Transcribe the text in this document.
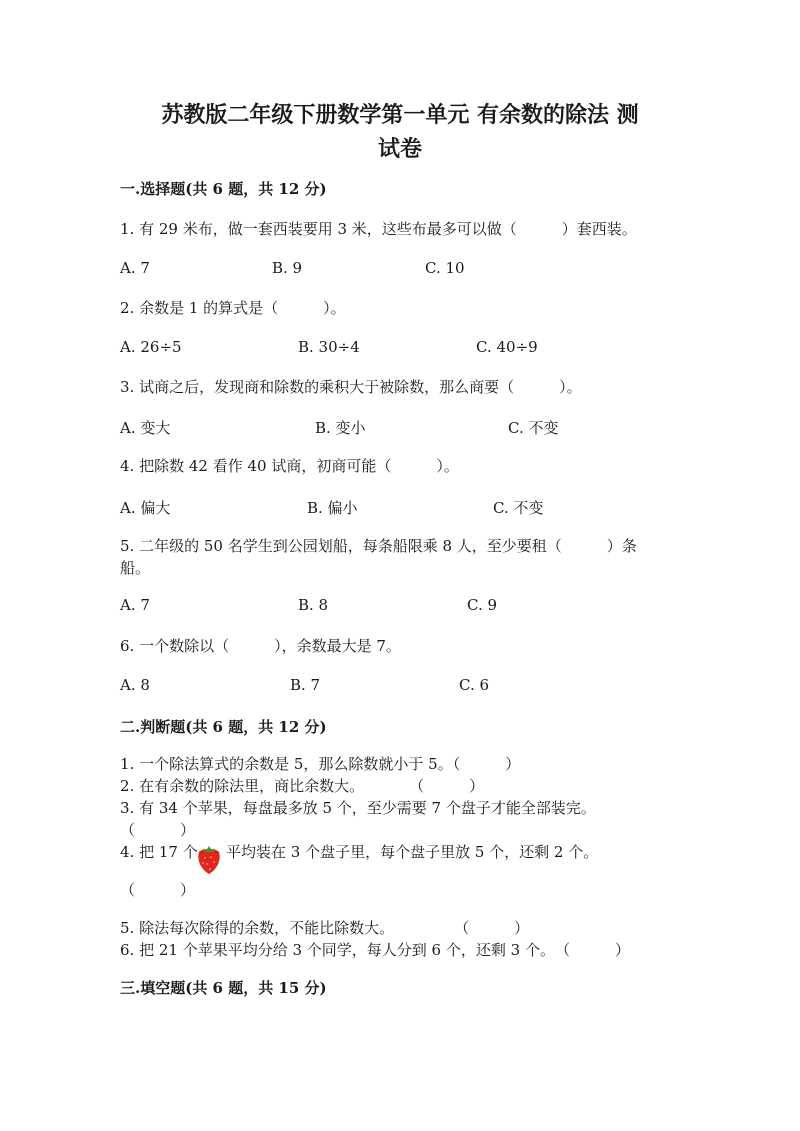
苏教版二年级下册数学第一单元 有余数的除法 测
试卷
一.选择题(共 6 题，共 12 分)
1. 有 29 米布，做一套西装要用 3 米，这些布最多可以做（　　　）套西装。
A. 7	B. 9	C. 10
2. 余数是 1 的算式是（　　　）。
A. 26÷5	B. 30÷4	C. 40÷9
3. 试商之后，发现商和除数的乘积大于被除数，那么商要（　　　）。
A. 变大	B. 变小	C. 不变
4. 把除数 42 看作 40 试商，初商可能（　　　）。
A. 偏大	B. 偏小	C. 不变
5. 二年级的 50 名学生到公园划船，每条船限乘 8 人，至少要租（　　　）条
船。
A. 7	B. 8	C. 9
6. 一个数除以（　　　），余数最大是 7。
A. 8	B. 7	C. 6
二.判断题(共 6 题，共 12 分)
1. 一个除法算式的余数是 5，那么除数就小于 5。（　　　）
2. 在有余数的除法里，商比余数大。　　　　（　　　）
3. 有 34 个苹果，每盘最多放 5 个，至少需要 7 个盘子才能全部装完。
（　　　）
4. 把 17 个 平均装在 3 个盘子里，每个盘子里放 5 个，还剩 2 个。
（　　　）
5. 除法每次除得的余数，不能比除数大。　　　　　（　　　）
6. 把 21 个苹果平均分给 3 个同学，每人分到 6 个，还剩 3 个。　（　　　）
三.填空题(共 6 题，共 15 分)
